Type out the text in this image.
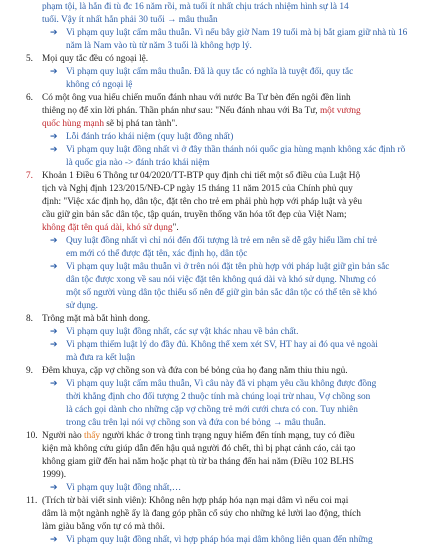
phạm tội, là hẳn đi tù đc 16 năm rồi, mà tuổi ít nhất chịu trách nhiệm hình sự là 14
tuổi. Vậy ít nhất hắn phải 30 tuổi → mâu thuẫn
➔ Vi phạm quy luật cấm mâu thuẫn. Vì nếu bây giờ Nam 19 tuổi mà bị bắt giam giữ nhà tù 16
năm là Nam vào tù từ năm 3 tuổi là không hợp lý.
5. Mọi quy tắc đều có ngoại lệ.
➔ Vi phạm quy luật cấm mâu thuẫn. Đã là quy tắc có nghĩa là tuyệt đối, quy tắc
không có ngoại lệ
6. Có một ông vua hiếu chiến muốn đánh nhau với nước Ba Tư bèn đến ngôi đền linh
thiêng nọ để xin lời phán. Thần phán như sau: "Nếu đánh nhau với Ba Tư, một vương
quốc hùng mạnh sẽ bị phá tan tành".
➔ Lỗi đánh tráo khái niệm (quy luật đồng nhất)
➔ Vi phạm quy luật đồng nhất vì ở đây thần thánh nói quốc gia hùng mạnh không xác định rõ
là quốc gia nào -> đánh tráo khái niệm
7. Khoản 1 Điều 6 Thông tư 04/2020/TT-BTP quy định chi tiết một số điều của Luật Hộ
tịch và Nghị định 123/2015/NĐ-CP ngày 15 tháng 11 năm 2015 của Chính phủ quy
định: "Việc xác định họ, dân tộc, đặt tên cho trẻ em phải phù hợp với pháp luật và yêu
cầu giữ gìn bản sắc dân tộc, tập quán, truyền thống văn hóa tốt đẹp của Việt Nam;
không đặt tên quá dài, khó sử dụng".
➔ Quy luật đồng nhất vì chỉ nói đến đối tượng là trẻ em nên sẽ dễ gây hiểu lầm chỉ trẻ
em mới có thể được đặt tên, xác định họ, dân tộc
➔ Vi phạm quy luật mâu thuẫn vì ở trên nói đặt tên phù hợp với pháp luật giữ gìn bản sắc
dân tộc được xong về sau nói việc đặt tên không quá dài và khó sử dụng. Nhưng có
một số người vùng dân tộc thiểu số nên để giữ gìn bản sắc dân tộc có thể tên sẽ khó
sử dụng.
8. Trông mặt mà bắt hình dong.
➔ Vi phạm quy luật đồng nhất, các sự vật khác nhau về bản chất.
➔ Vi phạm thiếm luật lý do đầy đủ. Không thể xem xét SV, HT hay ai đó qua vẻ ngoài
mà đưa ra kết luận
9. Đêm khuya, cặp vợ chồng son và đứa con bé bỏng của họ đang nằm thiu thiu ngủ.
➔ Vi phạm quy luật cấm mâu thuẫn, Vì câu này đã vi phạm yêu cầu không được đồng
thời khẳng định cho đối tượng 2 thuộc tính mà chúng loại trừ nhau, Vợ chồng son
là cách gọi dành cho những cặp vợ chồng trẻ mới cưới chưa có con. Tuy nhiên
trong câu trên lại nói vợ chồng son và đứa con bé bỏng → mâu thuẫn.
10. Người nào thấy người khác ở trong tình trạng nguy hiểm đến tính mạng, tuy có điều
kiện mà không cứu giúp dẫn đến hậu quả người đó chết, thì bị phạt cảnh cáo, cải tạo
không giam giữ đến hai năm hoặc phạt tù từ ba tháng đến hai năm (Điều 102 BLHS
1999).
➔ Vi phạm quy luật đồng nhất,…
11. (Trích từ bài viết sinh viên): Không nên hợp pháp hóa nạn mại dâm vì nếu coi mại
dâm là một ngành nghề ấy là đang góp phần cổ súy cho những kẻ lười lao động, thích
làm giàu bằng vốn tự có mà thôi.
➔ Vi phạm quy luật đồng nhất, vì hợp pháp hóa mại dâm không liên quan đến những
